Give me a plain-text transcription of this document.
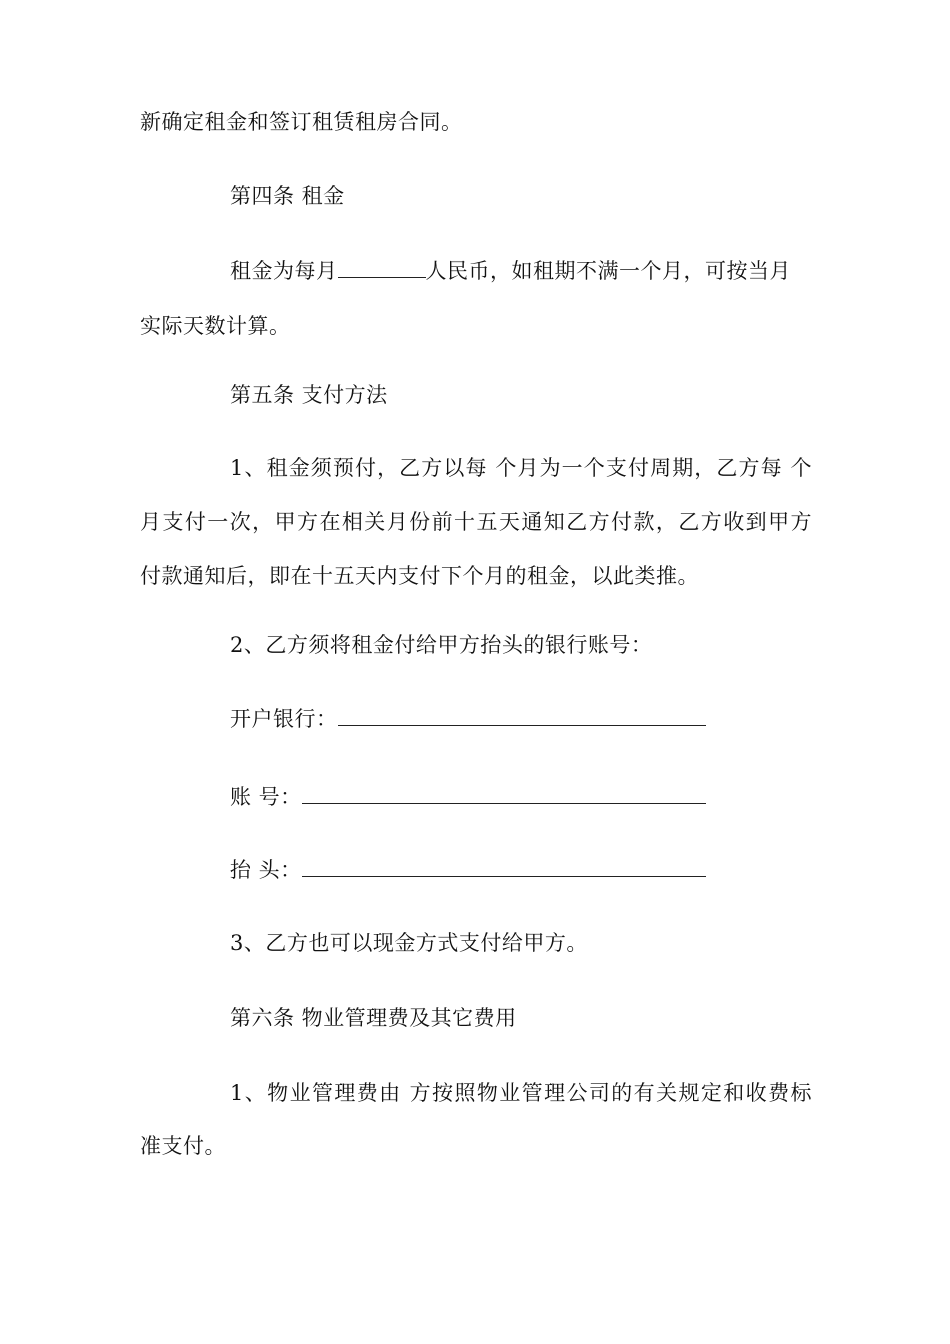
新确定租金和签订租赁租房合同。
第四条 租金
租金为每月	人民币，如租期不满一个月，可按当月
实际天数计算。
第五条 支付方法
1、租金须预付，乙方以每 个月为一个支付周期，乙方每 个
月支付一次，甲方在相关月份前十五天通知乙方付款，乙方收到甲方
付款通知后，即在十五天内支付下个月的租金，以此类推。
2、乙方须将租金付给甲方抬头的银行账号：
开户银行：
账 号：
抬 头：
3、乙方也可以现金方式支付给甲方。
第六条 物业管理费及其它费用
1、物业管理费由 方按照物业管理公司的有关规定和收费标
准支付。
